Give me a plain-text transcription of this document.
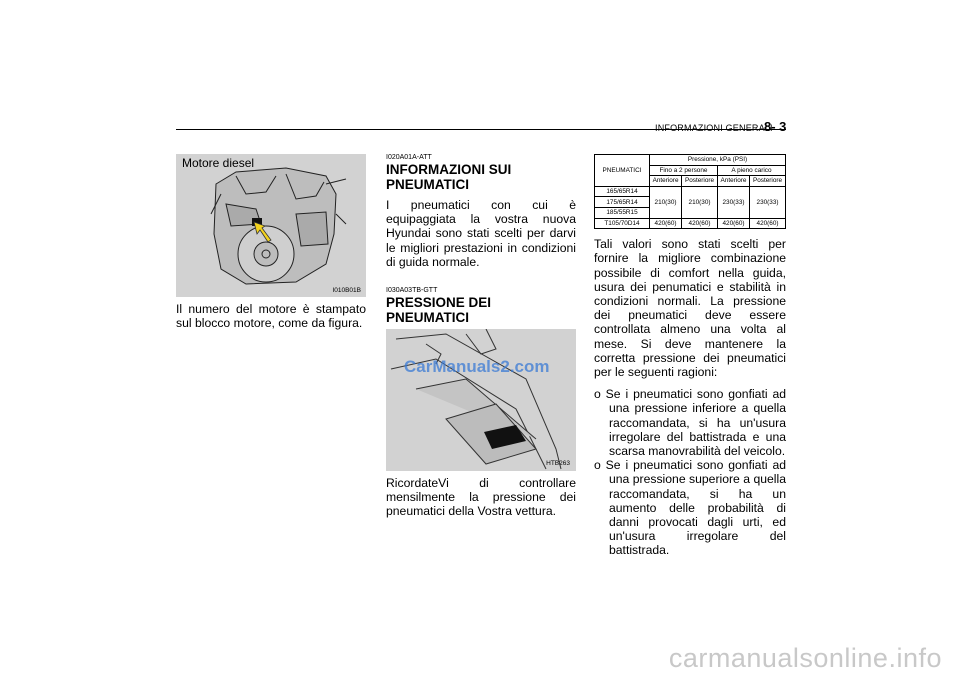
INFORMAZIONI GENERALI
8- 3
Motore diesel
I010B01B

Il numero del motore è stampato sul blocco motore, come da figura.

I020A01A-ATT

INFORMAZIONI SUI PNEUMATICI

I pneumatici con cui è equipaggiata la vostra nuova Hyundai sono stati scelti per darvi le migliori prestazioni in condizioni di guida normale.

I030A03TB-GTT

PRESSIONE DEI PNEUMATICI
CarManuals2.com
HTB263

RicordateVi di controllare mensilmente la pressione dei pneumatici della Vostra vettura.

PNEUMATICI	Pressione, kPa (PSI)			
	Fino a 2 persone		A pieno carico	
	Anteriore	Posteriore	Anteriore	Posteriore
165/65R14	210(30)	210(30)	230(33)	230(33)
175/65R14				
185/55R15				
T105/70D14	420(60)	420(60)	420(60)	420(60)

Tali valori sono stati scelti per fornire la migliore combinazione possibile di comfort nella guida, usura dei penumatici e stabilità in condizioni normali. La pressione dei pneumatici deve essere controllata almeno una volta al mese. Si deve mantenere la corretta pressione dei pneumatici per le seguenti ragioni:

o Se i pneumatici sono gonfiati ad una pressione inferiore a quella raccomandata, si ha un'usura irregolare del battistrada e una scarsa manovrabilità del veicolo.
o Se i pneumatici sono gonfiati ad una pressione superiore a quella raccomandata, si ha un aumento delle probabilità di danni provocati dagli urti, ed un'usura irregolare del battistrada.
carmanualsonline.info
